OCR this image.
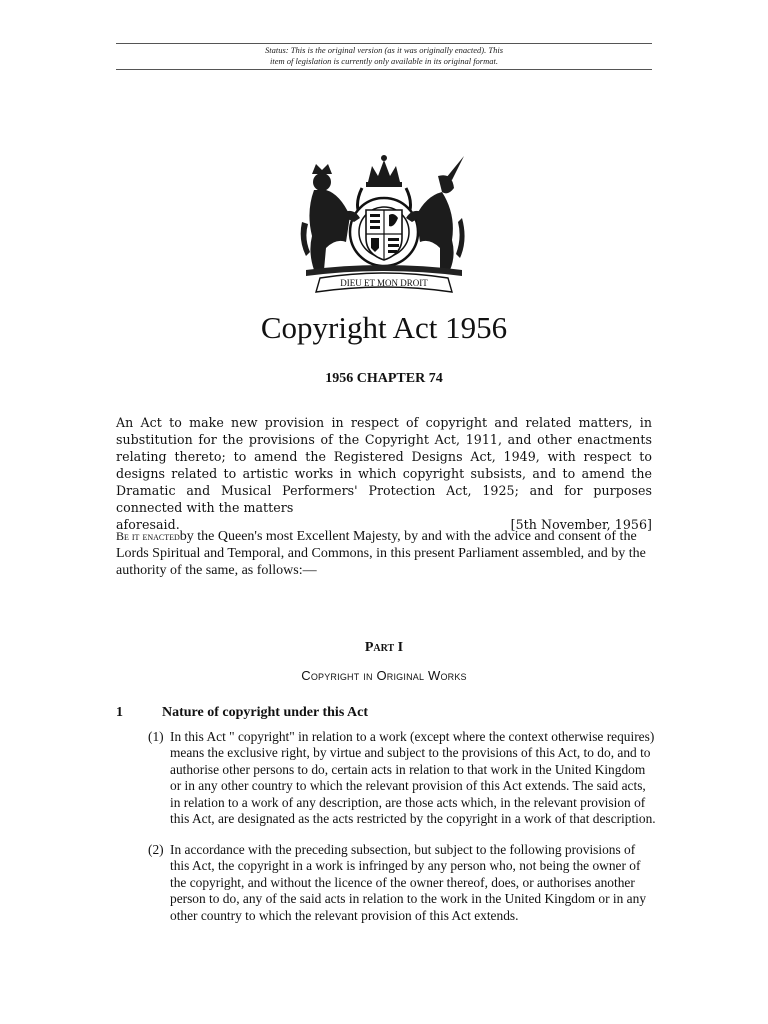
Status: This is the original version (as it was originally enacted). This
item of legislation is currently only available in its original format.
DIEU ET MON DROIT
Copyright Act 1956
1956 CHAPTER 74
An Act to make new provision in respect of copyright and related matters, in substitution for the provisions of the Copyright Act, 1911, and other enactments relating thereto; to amend the Registered Designs Act, 1949, with respect to designs related to artistic works in which copyright subsists, and to amend the Dramatic and Musical Performers' Protection Act, 1925; and for purposes connected with the matters
aforesaid.	[5th November, 1956]
Be it enactedby the Queen's most Excellent Majesty, by and with the advice and consent of the Lords Spiritual and Temporal, and Commons, in this present Parliament assembled, and by the authority of the same, as follows:—
Part I
Copyright in Original Works
1	Nature of copyright under this Act
(1) In this Act " copyright" in relation to a work (except where the context otherwise requires) means the exclusive right, by virtue and subject to the provisions of this Act, to do, and to authorise other persons to do, certain acts in relation to that work in the United Kingdom or in any other country to which the relevant provision of this Act extends. The said acts, in relation to a work of any description, are those acts which, in the relevant provision of this Act, are designated as the acts restricted by the copyright in a work of that description.
(2) In accordance with the preceding subsection, but subject to the following provisions of this Act, the copyright in a work is infringed by any person who, not being the owner of the copyright, and without the licence of the owner thereof, does, or authorises another person to do, any of the said acts in relation to the work in the United Kingdom or in any other country to which the relevant provision of this Act extends.
